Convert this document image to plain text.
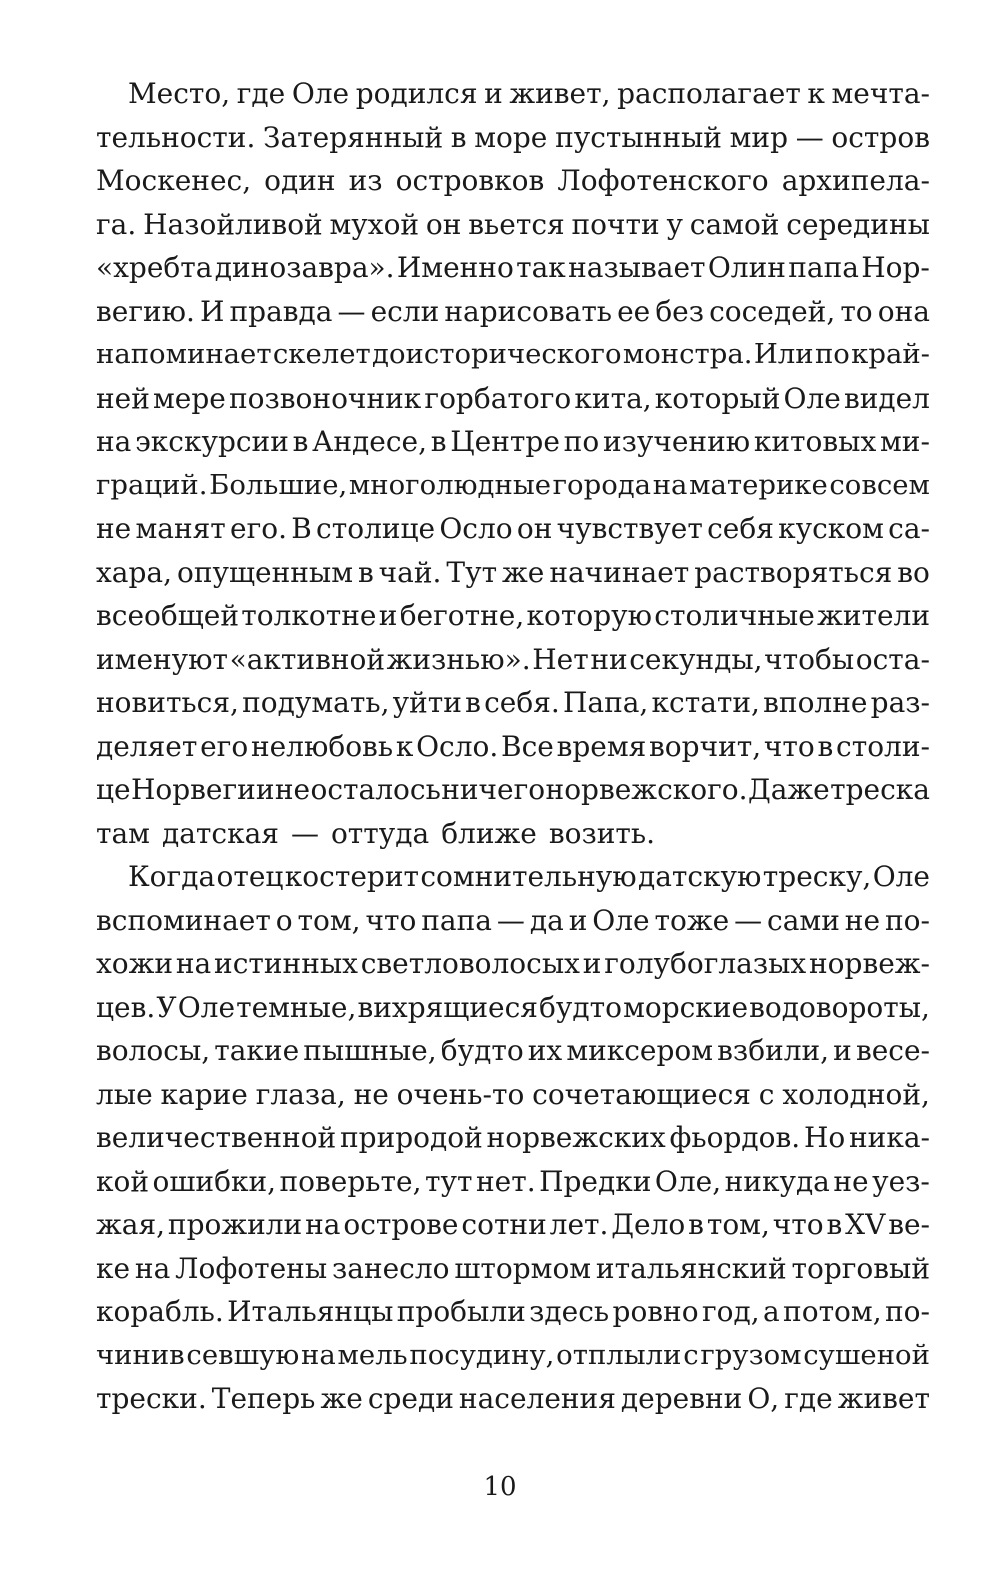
Место, где Оле родился и живет, располагает к мечта-
тельности. Затерянный в море пустынный мир — остров
Москенес, один из островков Лофотенского архипела-
га. Назойливой мухой он вьется почти у самой середины
«хребта динозавра». Именно так называет Олин папа Нор-
вегию. И правда — если нарисовать ее без соседей, то она
напоминает скелет доисторического монстра. Или по край-
ней мере позвоночник горбатого кита, который Оле видел
на экскурсии в Андесе, в Центре по изучению китовых ми-
граций. Большие, многолюдные города на материке совсем
не манят его. В столице Осло он чувствует себя куском са-
хара, опущенным в чай. Тут же начинает растворяться во
всеобщей толкотне и беготне, которую столичные жители
именуют «активной жизнью». Нет ни секунды, чтобы оста-
новиться, подумать, уйти в себя. Папа, кстати, вполне раз-
деляет его нелюбовь к Осло. Все время ворчит, что в столи-
це Норвегии не осталось ничего норвежского. Даже треска
там датская — оттуда ближе возить.
Когда отец костерит сомнительную датскую треску, Оле
вспоминает о том, что папа — да и Оле тоже — сами не по-
хожи на истинных светловолосых и голубоглазых норвеж-
цев. У Оле темные, вихрящиеся будто морские водовороты,
волосы, такие пышные, будто их миксером взбили, и весе-
лые карие глаза, не очень-то сочетающиеся с холодной,
величественной природой норвежских фьордов. Но ника-
кой ошибки, поверьте, тут нет. Предки Оле, никуда не уез-
жая, прожили на острове сотни лет. Дело в том, что в XV ве-
ке на Лофотены занесло штормом итальянский торговый
корабль. Итальянцы пробыли здесь ровно год, а потом, по-
чинив севшую на мель посудину, отплыли с грузом сушеной
трески. Теперь же среди населения деревни О, где живет
10
